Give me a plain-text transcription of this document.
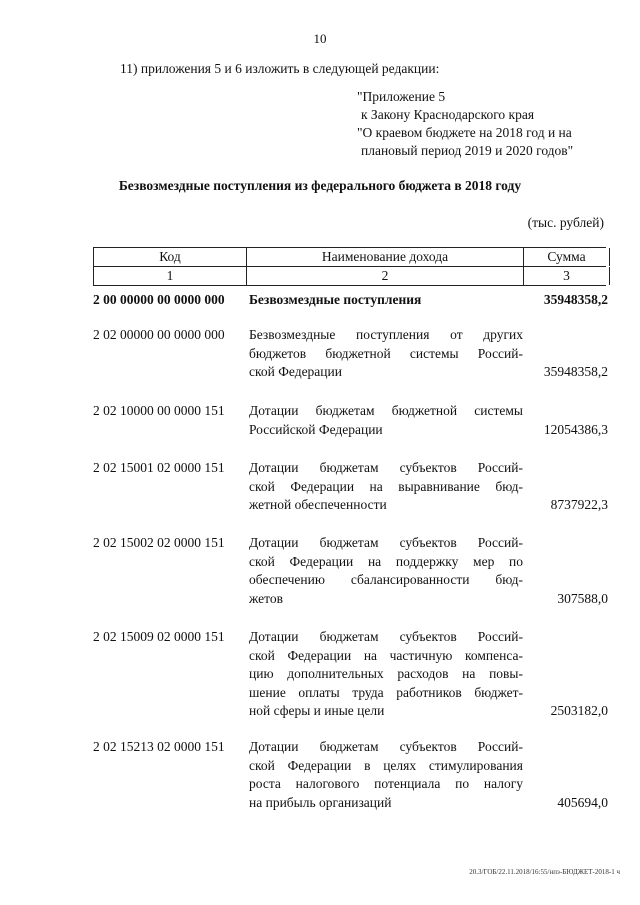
10
11) приложения 5 и 6 изложить в следующей редакции:
"Приложение 5
к Закону Краснодарского края
"О краевом бюджете на 2018 год и на
плановый период 2019 и 2020 годов"
Безвозмездные поступления из федерального бюджета в 2018 году
(тыс. рублей)
Код	Наименование дохода	Сумма
1	2	3
2 00 00000 00 0000 000	Безвозмездные поступления	35948358,2
2 02 00000 00 0000 000	Безвозмездные поступления от других
бюджетов бюджетной системы Россий-
ской Федерации	35948358,2
2 02 10000 00 0000 151	Дотации бюджетам бюджетной системы
Российской Федерации	12054386,3
2 02 15001 02 0000 151	Дотации бюджетам субъектов Россий-
ской Федерации на выравнивание бюд-
жетной обеспеченности	8737922,3
2 02 15002 02 0000 151	Дотации бюджетам субъектов Россий-
ской Федерации на поддержку мер по
обеспечению сбалансированности бюд-
жетов	307588,0
2 02 15009 02 0000 151	Дотации бюджетам субъектов Россий-
ской Федерации на частичную компенса-
цию дополнительных расходов на повы-
шение оплаты труда работников бюджет-
ной сферы и иные цели	2503182,0
2 02 15213 02 0000 151	Дотации бюджетам субъектов Россий-
ской Федерации в целях стимулирования
роста налогового потенциала по налогу
на прибыль организаций	405694,0
20.3/ГОБ/22.11.2018/16:55/нпэ-БЮДЖЕТ-2018-1 ч
